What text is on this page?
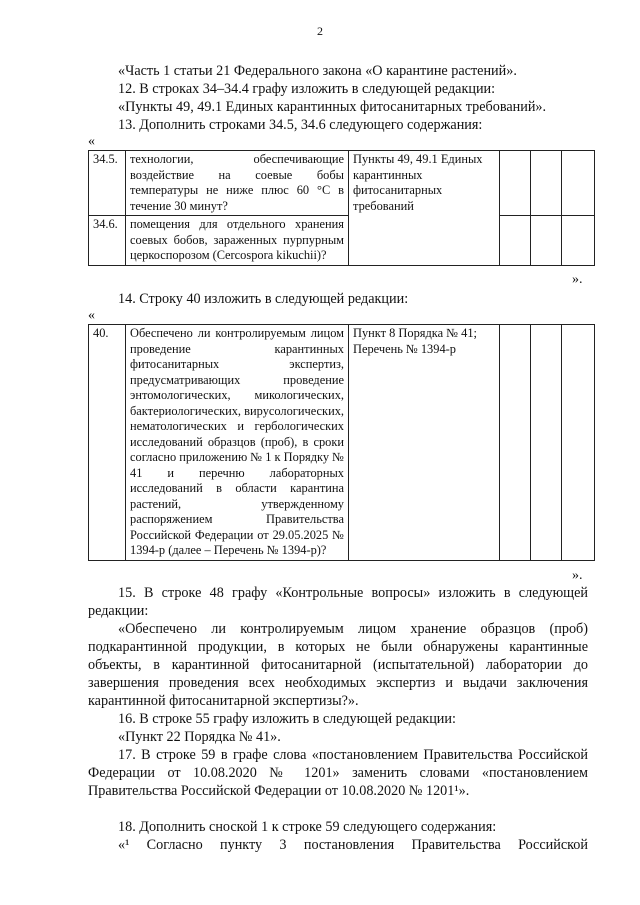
2
«Часть 1 статьи 21 Федерального закона «О карантине растений».
12. В строках 34–34.4 графу изложить в следующей редакции:
«Пункты 49, 49.1 Единых карантинных фитосанитарных требований».
13. Дополнить строками 34.5, 34.6 следующего содержания:
«
34.5.	технологии, обеспечивающие воздействие на соевые бобы температуры не ниже плюс 60 °С в течение 30 минут?	Пункты 49, 49.1 Единых карантинных фитосанитарных требований			
34.6.	помещения для отдельного хранения соевых бобов, зараженных пурпурным церкоспорозом (Cercospora kikuchii)?				
».
14. Строку 40 изложить в следующей редакции:
«
40.	Обеспечено ли контролируемым лицом проведение карантинных фитосанитарных экспертиз, предусматривающих проведение энтомологических, микологических, бактериологических, вирусологических, нематологических и гербологических исследований образцов (проб), в сроки согласно приложению № 1 к Порядку № 41 и перечню лабораторных исследований в области карантина растений, утвержденному распоряжением Правительства Российской Федерации от 29.05.2025 № 1394-р (далее – Перечень № 1394-р)?	Пункт 8 Порядка № 41; Перечень № 1394-р			
».
15. В строке 48 графу «Контрольные вопросы» изложить в следующей редакции:
«Обеспечено ли контролируемым лицом хранение образцов (проб) подкарантинной продукции, в которых не были обнаружены карантинные объекты, в карантинной фитосанитарной (испытательной) лаборатории до завершения проведения всех необходимых экспертиз и выдачи заключения карантинной фитосанитарной экспертизы?».
16. В строке 55 графу изложить в следующей редакции:
«Пункт 22 Порядка № 41».
17. В строке 59 в графе слова «постановлением Правительства Российской Федерации от 10.08.2020 № 1201» заменить словами «постановлением Правительства Российской Федерации от 10.08.2020 № 1201¹».
18. Дополнить сноской 1 к строке 59 следующего содержания:
«¹ Согласно пункту 3 постановления Правительства Российской
